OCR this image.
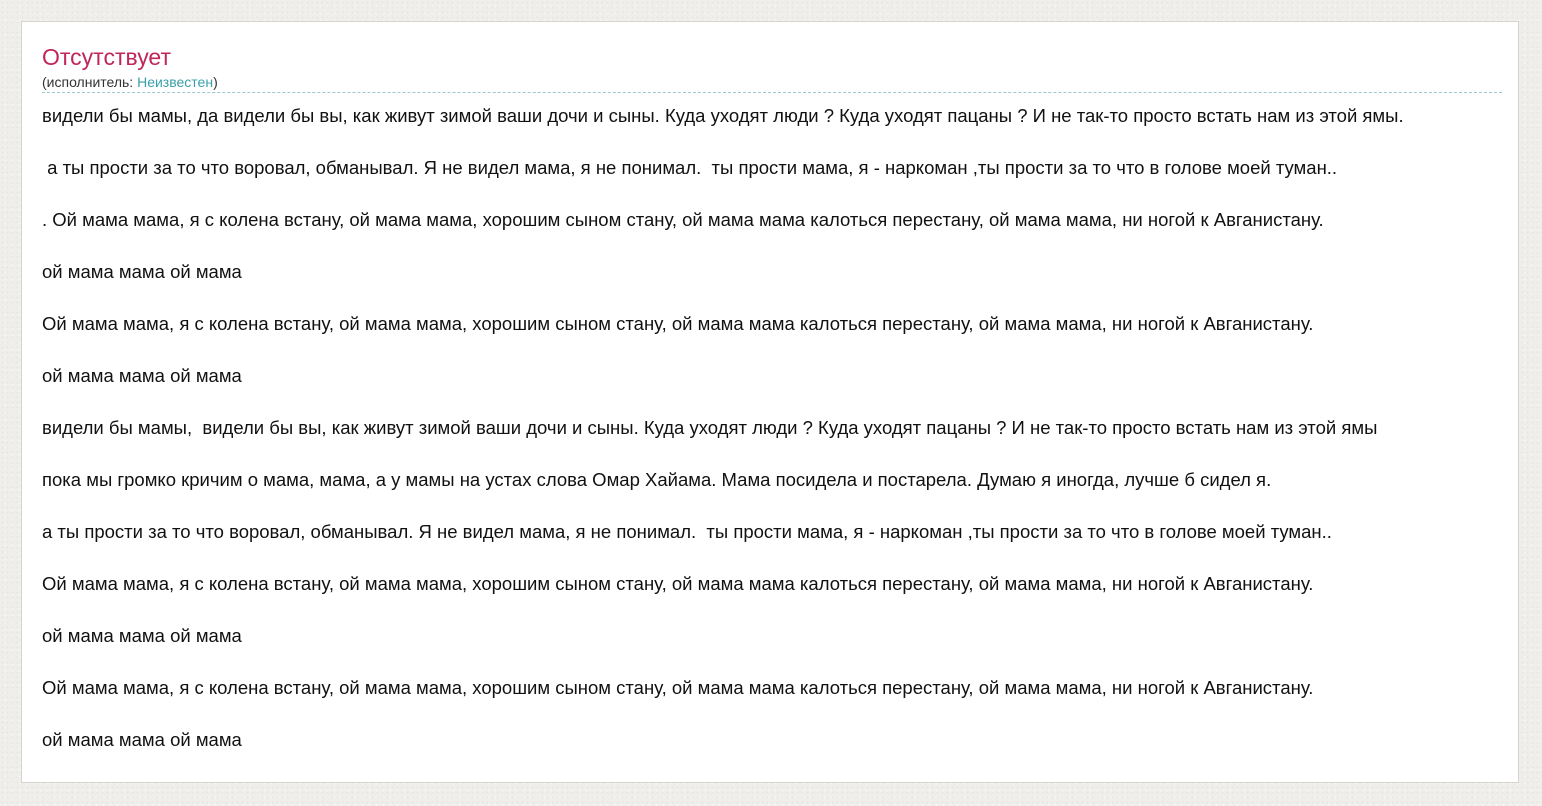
Отсутствует
(исполнитель: Неизвестен)

видели бы мамы, да видели бы вы, как живут зимой ваши дочи и сыны. Куда уходят люди ? Куда уходят пацаны ? И не так-то просто встать нам из этой ямы.

а ты прости за то что воровал, обманывал. Я не видел мама, я не понимал.  ты прости мама, я - наркоман ,ты прости за то что в голове моей туман..

. Ой мама мама, я с колена встану, ой мама мама, хорошим сыном стану, ой мама мама калоться перестану, ой мама мама, ни ногой к Авганистану.

ой мама мама ой мама

Ой мама мама, я с колена встану, ой мама мама, хорошим сыном стану, ой мама мама калоться перестану, ой мама мама, ни ногой к Авганистану.

ой мама мама ой мама

видели бы мамы,  видели бы вы, как живут зимой ваши дочи и сыны. Куда уходят люди ? Куда уходят пацаны ? И не так-то просто встать нам из этой ямы

пока мы громко кричим о мама, мама, а у мамы на устах слова Омар Хайама. Мама посидела и постарела. Думаю я иногда, лучше б сидел я.

а ты прости за то что воровал, обманывал. Я не видел мама, я не понимал.  ты прости мама, я - наркоман ,ты прости за то что в голове моей туман..

Ой мама мама, я с колена встану, ой мама мама, хорошим сыном стану, ой мама мама калоться перестану, ой мама мама, ни ногой к Авганистану.

ой мама мама ой мама

Ой мама мама, я с колена встану, ой мама мама, хорошим сыном стану, ой мама мама калоться перестану, ой мама мама, ни ногой к Авганистану.

ой мама мама ой мама
